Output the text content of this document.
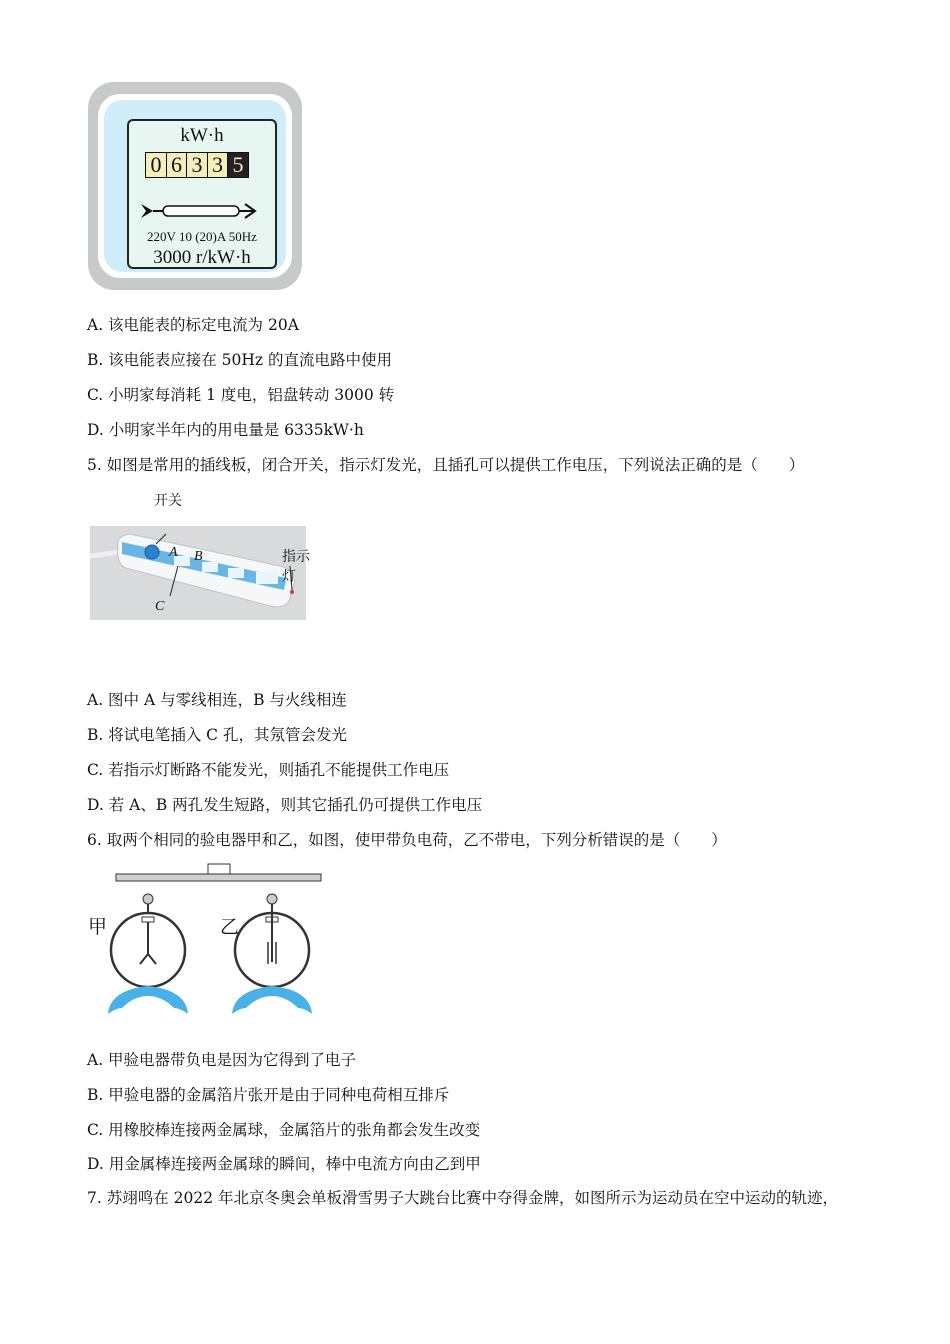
kW·h
0 6 3 3 5
220V 10 (20)A 50Hz
3000 r/kW·h
A. 该电能表的标定电流为 20A
B. 该电能表应接在 50Hz 的直流电路中使用
C. 小明家每消耗 1 度电，铝盘转动 3000 转
D. 小明家半年内的用电量是 6335kW·h
5. 如图是常用的插线板，闭合开关，指示灯发光，且插孔可以提供工作电压，下列说法正确的是（　　）
开关
A B
C
指示灯
A. 图中 A 与零线相连，B 与火线相连
B. 将试电笔插入 C 孔，其氖管会发光
C. 若指示灯断路不能发光，则插孔不能提供工作电压
D. 若 A、B 两孔发生短路，则其它插孔仍可提供工作电压
6. 取两个相同的验电器甲和乙，如图，使甲带负电荷，乙不带电，下列分析错误的是（　　）
甲	乙
A. 甲验电器带负电是因为它得到了电子
B. 甲验电器的金属箔片张开是由于同种电荷相互排斥
C. 用橡胶棒连接两金属球，金属箔片的张角都会发生改变
D. 用金属棒连接两金属球的瞬间，棒中电流方向由乙到甲
7. 苏翊鸣在 2022 年北京冬奥会单板滑雪男子大跳台比赛中夺得金牌，如图所示为运动员在空中运动的轨迹，
